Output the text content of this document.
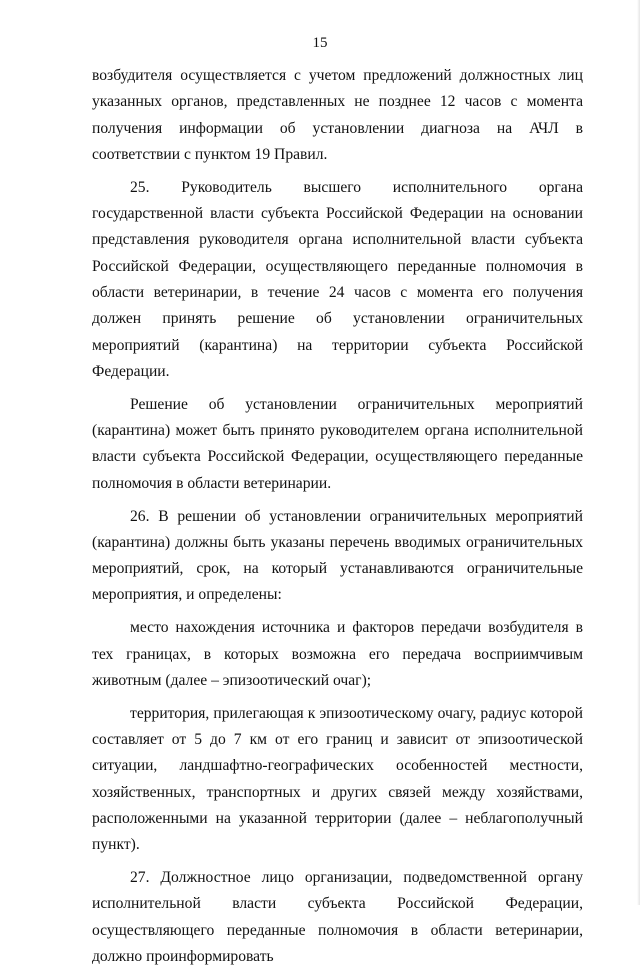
15

возбудителя осуществляется с учетом предложений должностных лиц указанных органов, представленных не позднее 12 часов с момента получения информации об установлении диагноза на АЧЛ в соответствии с пунктом 19 Правил.

25. Руководитель высшего исполнительного органа государственной власти субъекта Российской Федерации на основании представления руководителя органа исполнительной власти субъекта Российской Федерации, осуществляющего переданные полномочия в области ветеринарии, в течение 24 часов с момента его получения должен принять решение об установлении ограничительных мероприятий (карантина) на территории субъекта Российской Федерации.

Решение об установлении ограничительных мероприятий (карантина) может быть принято руководителем органа исполнительной власти субъекта Российской Федерации, осуществляющего переданные полномочия в области ветеринарии.

26. В решении об установлении ограничительных мероприятий (карантина) должны быть указаны перечень вводимых ограничительных мероприятий, срок, на который устанавливаются ограничительные мероприятия, и определены:

место нахождения источника и факторов передачи возбудителя в тех границах, в которых возможна его передача восприимчивым животным (далее – эпизоотический очаг);

территория, прилегающая к эпизоотическому очагу, радиус которой составляет от 5 до 7 км от его границ и зависит от эпизоотической ситуации, ландшафтно-географических особенностей местности, хозяйственных, транспортных и других связей между хозяйствами, расположенными на указанной территории (далее – неблагополучный пункт).

27. Должностное лицо организации, подведомственной органу исполнительной власти субъекта Российской Федерации, осуществляющего переданные полномочия в области ветеринарии, должно проинформировать
